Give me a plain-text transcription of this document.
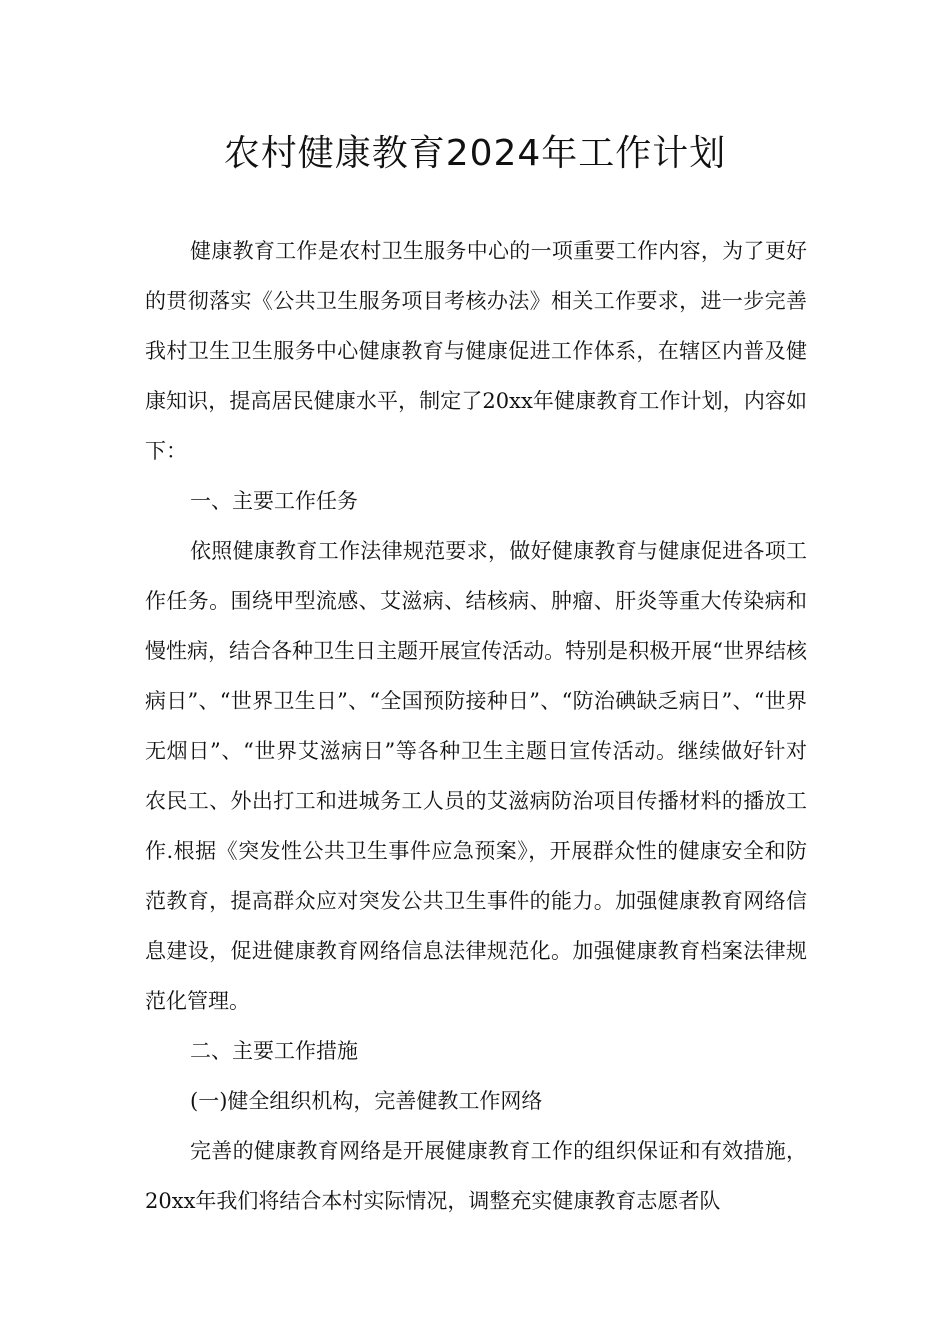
农村健康教育2024年工作计划

健康教育工作是农村卫生服务中心的一项重要工作内容，为了更好的贯彻落实《公共卫生服务项目考核办法》相关工作要求，进一步完善我村卫生卫生服务中心健康教育与健康促进工作体系，在辖区内普及健康知识，提高居民健康水平，制定了20xx年健康教育工作计划，内容如下：

一、主要工作任务

依照健康教育工作法律规范要求，做好健康教育与健康促进各项工作任务。围绕甲型流感、艾滋病、结核病、肿瘤、肝炎等重大传染病和慢性病，结合各种卫生日主题开展宣传活动。特别是积极开展“世界结核病日”、“世界卫生日”、“全国预防接种日”、“防治碘缺乏病日”、“世界无烟日”、“世界艾滋病日”等各种卫生主题日宣传活动。继续做好针对农民工、外出打工和进城务工人员的艾滋病防治项目传播材料的播放工作.根据《突发性公共卫生事件应急预案》，开展群众性的健康安全和防范教育，提高群众应对突发公共卫生事件的能力。加强健康教育网络信息建设，促进健康教育网络信息法律规范化。加强健康教育档案法律规范化管理。

二、主要工作措施

(一)健全组织机构，完善健教工作网络

完善的健康教育网络是开展健康教育工作的组织保证和有效措施，20xx年我们将结合本村实际情况，调整充实健康教育志愿者队
